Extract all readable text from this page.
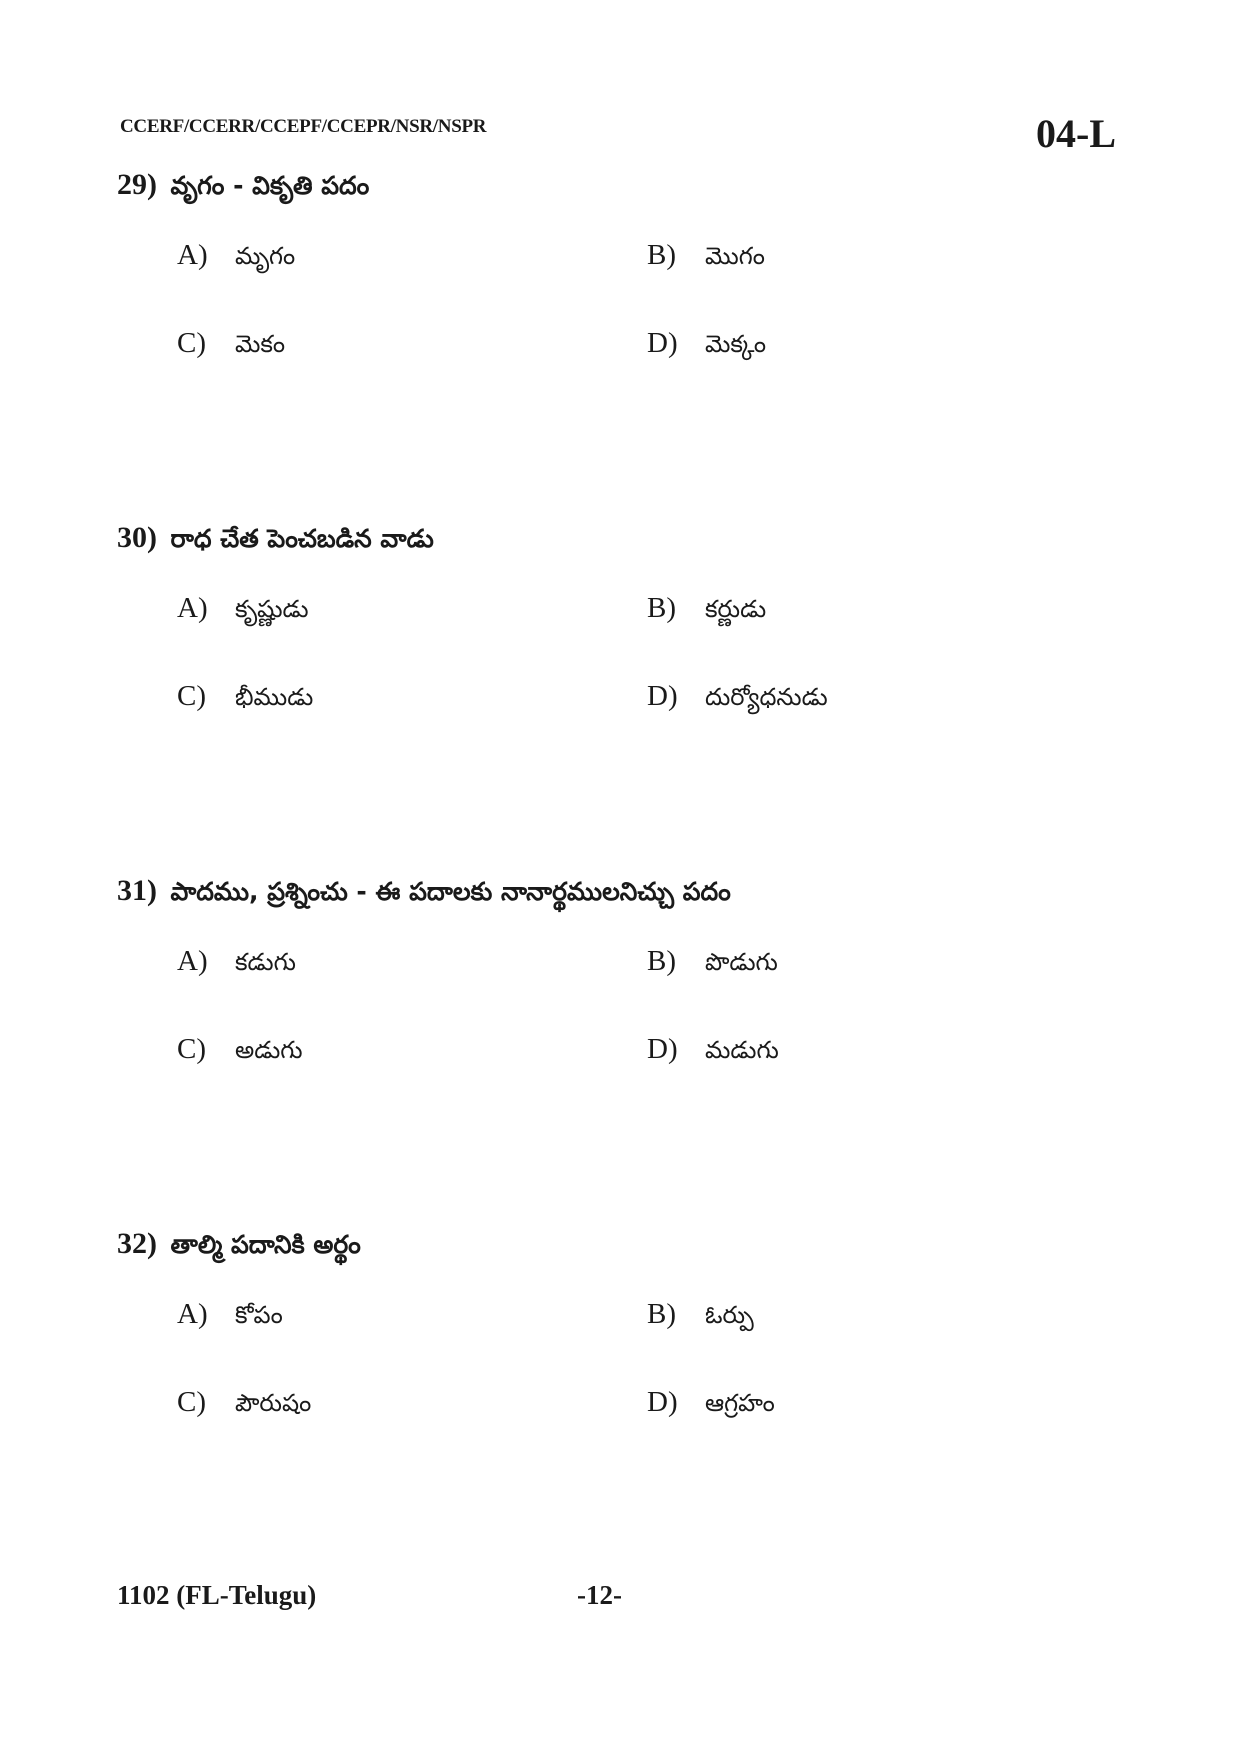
CCERF/CCERR/CCEPF/CCEPR/NSR/NSPR	04-L
29) వృగం - వికృతి పదం
A) మృగం	B) మొగం
C) మెకం	D) మెక్కం
30) రాధ చేత పెంచబడిన వాడు
A) కృష్ణుడు	B) కర్ణుడు
C) భీముడు	D) దుర్యోధనుడు
31) పాదము, ప్రశ్నించు - ఈ పదాలకు నానార్థములనిచ్చు పదం
A) కడుగు	B) పొడుగు
C) అడుగు	D) మడుగు
32) తాల్మి పదానికి అర్థం
A) కోపం	B) ఓర్పు
C) పౌరుషం	D) ఆగ్రహం
1102 (FL-Telugu)	-12-
